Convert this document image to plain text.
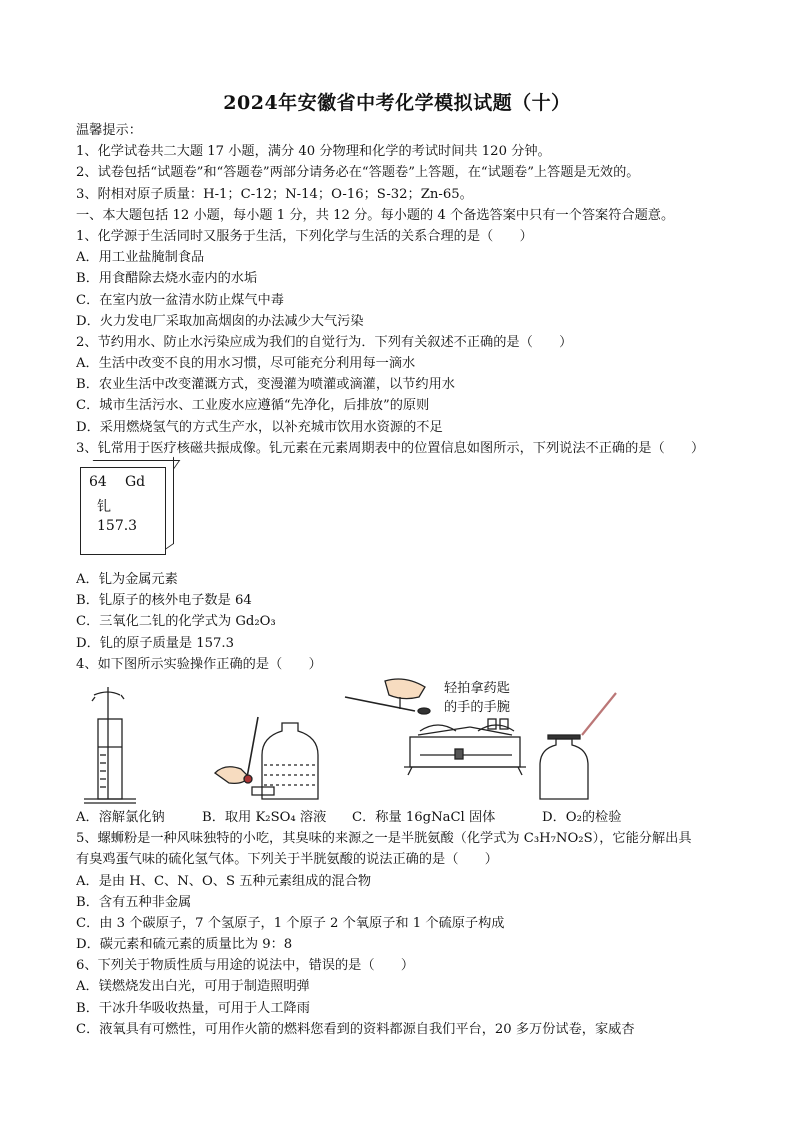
2024年安徽省中考化学模拟试题（十）
温馨提示：
1、化学试卷共二大题 17 小题，满分 40 分物理和化学的考试时间共 120 分钟。
2、试卷包括“试题卷”和“答题卷”两部分请务必在“答题卷”上答题，在“试题卷”上答题是无效的。
3、附相对原子质量：H-1；C-12；N-14；O-16；S-32；Zn-65。
一、本大题包括 12 小题，每小题 1 分，共 12 分。每小题的 4 个备选答案中只有一个答案符合题意。
1、化学源于生活同时又服务于生活，下列化学与生活的关系合理的是（　　）
A．用工业盐腌制食品
B．用食醋除去烧水壶内的水垢
C．在室内放一盆清水防止煤气中毒
D．火力发电厂采取加高烟囱的办法减少大气污染
2、节约用水、防止水污染应成为我们的自觉行为．下列有关叙述不正确的是（　　）
A．生活中改变不良的用水习惯，尽可能充分利用每一滴水
B．农业生活中改变灌溉方式，变漫灌为喷灌或滴灌，以节约用水
C．城市生活污水、工业废水应遵循“先净化，后排放”的原则
D．采用燃烧氢气的方式生产水，以补充城市饮用水资源的不足
3、钆常用于医疗核磁共振成像。钆元素在元素周期表中的位置信息如图所示，下列说法不正确的是（　　）
64 Gd
钆
157.3
A．钆为金属元素
B．钆原子的核外电子数是 64
C．三氧化二钆的化学式为 Gd₂O₃
D．钆的原子质量是 157.3
4、如下图所示实验操作正确的是（　　）
轻拍拿药匙
的手的手腕
A．溶解氯化钠	B．取用 K₂SO₄ 溶液 C．称量 16gNaCl 固体	D．O₂的检验
5、螺蛳粉是一种风味独特的小吃，其臭味的来源之一是半胱氨酸（化学式为 C₃H₇NO₂S），它能分解出具
有臭鸡蛋气味的硫化氢气体。下列关于半胱氨酸的说法正确的是（　　）
A．是由 H、C、N、O、S 五种元素组成的混合物
B．含有五种非金属
C．由 3 个碳原子，7 个氢原子，1 个原子 2 个氧原子和 1 个硫原子构成
D．碳元素和硫元素的质量比为 9：8
6、下列关于物质性质与用途的说法中，错误的是（　　）
A．镁燃烧发出白光，可用于制造照明弹
B．干冰升华吸收热量，可用于人工降雨
C．液氧具有可燃性，可用作火箭的燃料您看到的资料都源自我们平台，20 多万份试卷，家威杏
